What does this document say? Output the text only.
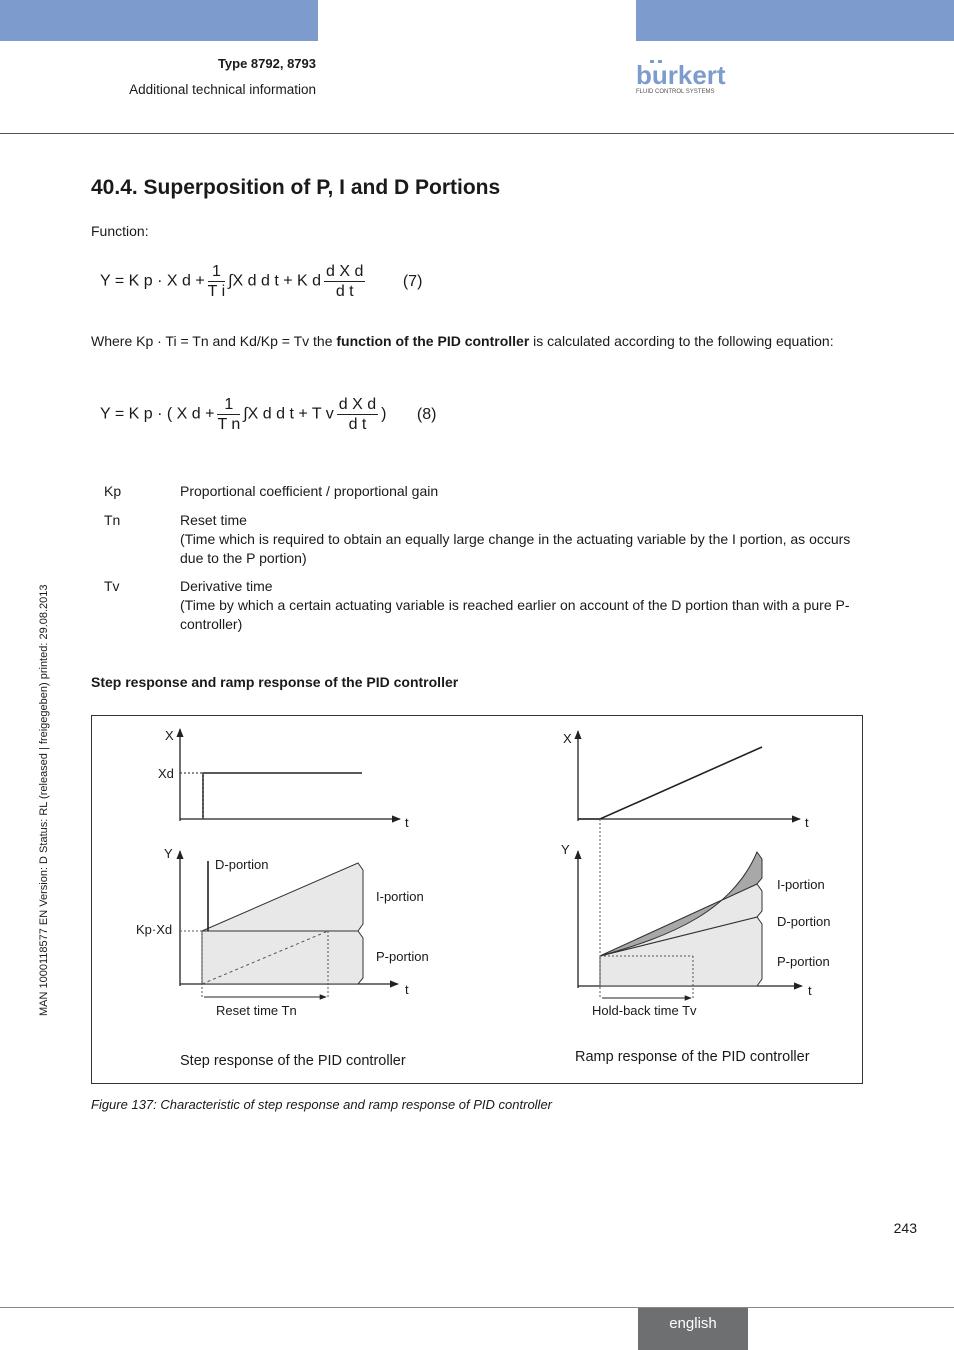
Type 8792, 8793
Additional technical information	burkert
FLUID CONTROL SYSTEMS
40.4. Superposition of P, I and D Portions
Function:
Y = K p · X $d + \frac{1}{\text{T i}} \int X$ d d t + K d $\frac{\text{d X d}}{\text{d t}} (7)$
Where Kp · Ti = Tn and Kd/Kp = Tv the function of the PID controller is calculated according to the following equation:
Y = K p · ( X $d + \frac{1}{\text{T n}} \int X$ d d t + T v $\frac{\text{d X d}}{\text{d t}}$ ) (8)
Kp	Proportional coefficient / proportional gain
Tn	Reset time
(Time which is required to obtain an equally large change in the actuating variable by the I portion, as occurs due to the P portion)
Tv	Derivative time
(Time by which a certain actuating variable is reached earlier on account of the D portion than with a pure P-controller)
Step response and ramp response of the PID controller
X
Xd
t
Y
D-portion
I-portion
Kp·Xd
P-portion
t
Reset time Tn
Step response of the PID controller
X
t
Y
I-portion
D-portion
P-portion
t
Hold-back time Tv
Ramp response of the PID controller
Figure 137: Characteristic of step response and ramp response of PID controller
MAN 1000118577 EN Version: D Status: RL (released | freigegeben) printed: 29.08.2013
243
english
